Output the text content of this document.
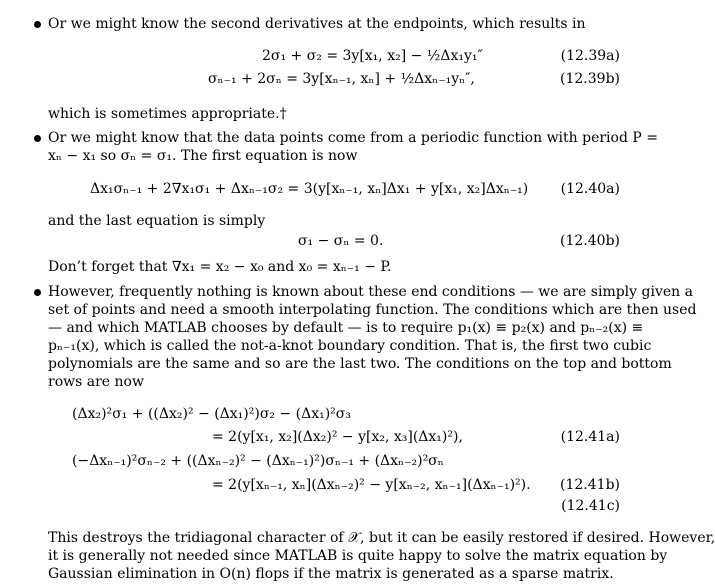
Or we might know the second derivatives at the endpoints, which results in
2σ₁ + σ₂ = 3y[x₁, x₂] − ½Δx₁y₁″	(12.39a)
σₙ₋₁ + 2σₙ = 3y[xₙ₋₁, xₙ] + ½Δxₙ₋₁yₙ″,	(12.39b)
which is sometimes appropriate.†
Or we might know that the data points come from a periodic function with period P =
xₙ − x₁ so σₙ = σ₁. The first equation is now
Δx₁σₙ₋₁ + 2∇x₁σ₁ + Δxₙ₋₁σ₂ = 3(y[xₙ₋₁, xₙ]Δx₁ + y[x₁, x₂]Δxₙ₋₁) (12.40a)
and the last equation is simply
σ₁ − σₙ = 0.	(12.40b)
Don’t forget that ∇x₁ = x₂ − x₀ and x₀ = xₙ₋₁ − P.
However, frequently nothing is known about these end conditions — we are simply given a
set of points and need a smooth interpolating function. The conditions which are then used
— and which MATLAB chooses by default — is to require p₁(x) ≡ p₂(x) and pₙ₋₂(x) ≡
pₙ₋₁(x), which is called the not-a-knot boundary condition. That is, the first two cubic
polynomials are the same and so are the last two. The conditions on the top and bottom
rows are now
(Δx₂)²σ₁ + ((Δx₂)² − (Δx₁)²)σ₂ − (Δx₁)²σ₃
= 2(y[x₁, x₂](Δx₂)² − y[x₂, x₃](Δx₁)²),	(12.41a)
(−Δxₙ₋₁)²σₙ₋₂ + ((Δxₙ₋₂)² − (Δxₙ₋₁)²)σₙ₋₁ + (Δxₙ₋₂)²σₙ
= 2(y[xₙ₋₁, xₙ](Δxₙ₋₂)² − y[xₙ₋₂, xₙ₋₁](Δxₙ₋₁)²). (12.41b)
(12.41c)
This destroys the tridiagonal character of 𝒳, but it can be easily restored if desired. However,
it is generally not needed since MATLAB is quite happy to solve the matrix equation by
Gaussian elimination in O(n) flops if the matrix is generated as a sparse matrix.
